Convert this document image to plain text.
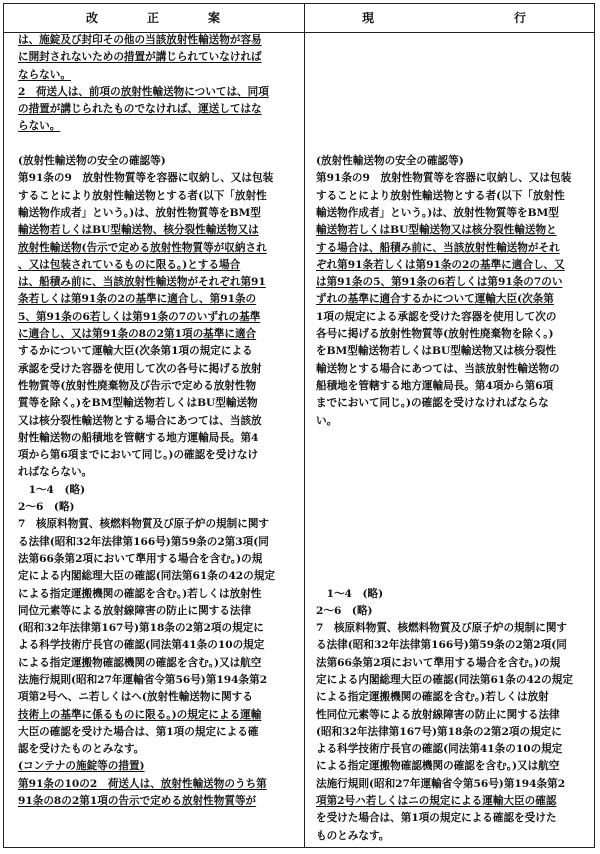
改	正	案	現	行
は、施錠及び封印その他の当該放射性輸送物が容易
に開封されないための措置が講じられていなければ
ならない。
2　荷送人は、前項の放射性輸送物については、同項
の措置が講じられたものでなければ、運送してはな
らない。
(放射性輸送物の安全の確認等)
第91条の9　放射性物質等を容器に収納し、又は包装
することにより放射性輸送物とする者(以下「放射性
輸送物作成者」という。)は、放射性物質等をBM型
輸送物若しくはBU型輸送物、核分裂性輸送物又は
放射性輸送物(告示で定める放射性物質等が収納され
、又は包装されているものに限る。)とする場合
は、船積み前に、当該放射性輸送物がそれぞれ第91
条若しくは第91条の2の基準に適合し、第91条の
5、第91条の6若しくは第91条の7のいずれの基準
に適合し、又は第91条の8の2第1項の基準に適合
するかについて運輸大臣(次条第1項の規定による
承認を受けた容器を使用して次の各号に掲げる放射
性物質等(放射性廃棄物及び告示で定める放射性物
質等を除く。)をBM型輸送物若しくはBU型輸送物
又は核分裂性輸送物とする場合にあつては、当該放
射性輸送物の船積地を管轄する地方運輸局長。第4
項から第6項までにおいて同じ。)の確認を受けなけ
ればならない。
　1〜4　(略)
2〜6　(略)
7　核原料物質、核燃料物質及び原子炉の規制に関す
る法律(昭和32年法律第166号)第59条の2第3項(同
法第66条第2項において準用する場合を含む。)の規
定による内閣総理大臣の確認(同法第61条の42の規定
による指定運搬機関の確認を含む。)若しくは放射性
同位元素等による放射線障害の防止に関する法律
(昭和32年法律第167号)第18条の2第2項の規定に
よる科学技術庁長官の確認(同法第41条の10の規定
による指定運搬物確認機関の確認を含む。)又は航空
法施行規則(昭和27年運輸省令第56号)第194条第2
項第2号へ、ニ若しくはヘ(放射性輸送物に関する
技術上の基準に係るものに限る。)の規定による運輸
大臣の確認を受けた場合は、第1項の規定による確
認を受けたものとみなす。
(コンテナの施錠等の措置)
第91条の10の2　荷送人は、放射性輸送物のうち第
91条の8の2第1項の告示で定める放射性物質等が
(放射性輸送物の安全の確認等)
第91条の9　放射性物質等を容器に収納し、又は包装
することにより放射性輸送物とする者(以下「放射性
輸送物作成者」という。)は、放射性物質等をBM型
輸送物若しくはBU型輸送物又は核分裂性輸送物と
する場合は、船積み前に、当該放射性輸送物がそれ
ぞれ第91条若しくは第91条の2の基準に適合し、又
は第91条の5、第91条の6若しくは第91条の7のい
ずれの基準に適合するかについて運輸大臣(次条第
1項の規定による承認を受けた容器を使用して次の
各号に掲げる放射性物質等(放射性廃棄物を除く。)
をBM型輸送物若しくはBU型輸送物又は核分裂性
輸送物とする場合にあつては、当該放射性輸送物の
船積地を管轄する地方運輸局長。第4項から第6項
までにおいて同じ。)の確認を受けなければならな
い。
　1〜4　(略)
2〜6　(略)
7　核原料物質、核燃料物質及び原子炉の規制に関す
る法律(昭和32年法律第166号)第59条の2第2項(同
法第66条第2項において準用する場合を含む。)の規
定による内閣総理大臣の確認(同法第61条の42の規定
による指定運搬機関の確認を含む。)若しくは放射
性同位元素等による放射線障害の防止に関する法律
(昭和32年法律第167号)第18条の2第2項の規定に
よる科学技術庁長官の確認(同法第41条の10の規定
による指定運搬物確認機関の確認を含む。)又は航空
法施行規則(昭和27年運輸省令第56号)第194条第2
項第2号ハ若しくはニの規定による運輸大臣の確認
を受けた場合は、第1項の規定による確認を受けた
ものとみなす。
